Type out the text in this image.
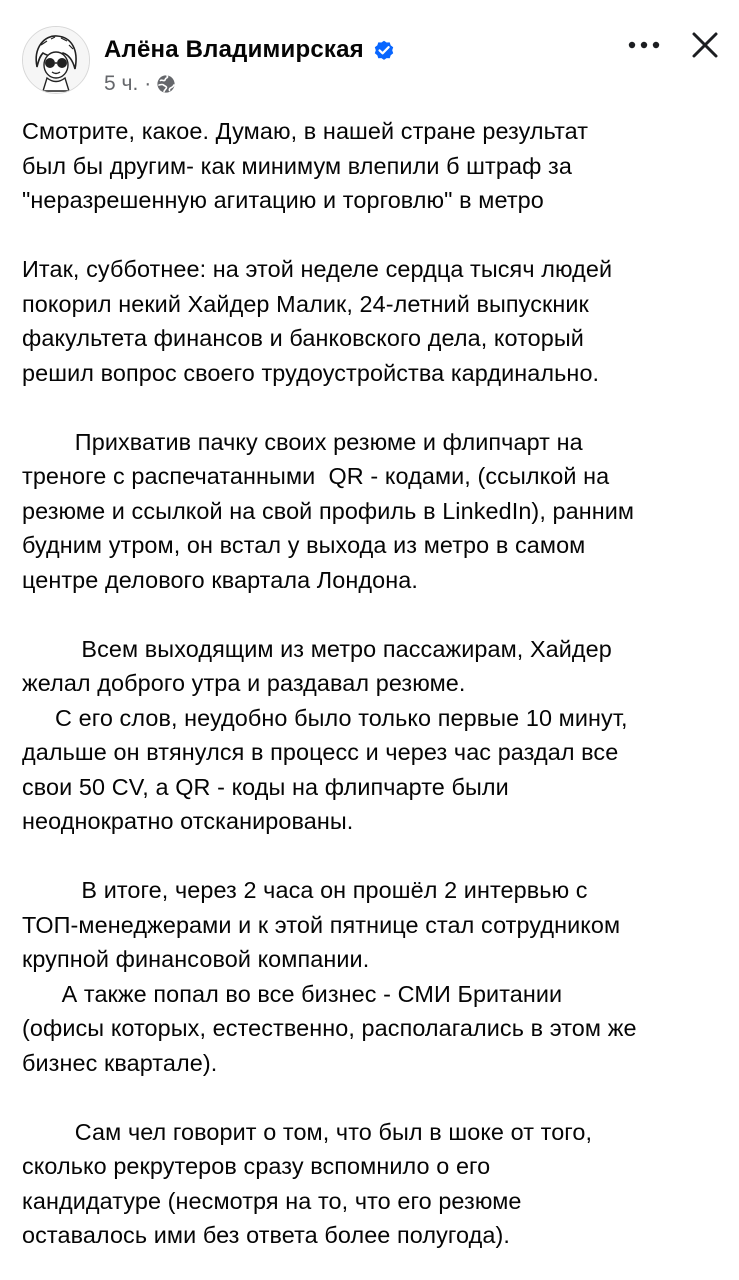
Алёна Владимирская
5 ч. ·

Смотрите, какое. Думаю, в нашей стране результат
был бы другим- как минимум влепили б штраф за
"неразрешенную агитацию и торговлю" в метро

Итак, субботнее: на этой неделе сердца тысяч людей
покорил некий Хайдер Малик, 24-летний выпускник
факультета финансов и банковского дела, который
решил вопрос своего трудоустройства кардинально.

Прихватив пачку своих резюме и флипчарт на
треноге с распечатанными  QR - кодами, (ссылкой на
резюме и ссылкой на свой профиль в LinkedIn), ранним
будним утром, он встал у выхода из метро в самом
центре делового квартала Лондона.

Всем выходящим из метро пассажирам, Хайдер
желал доброго утра и раздавал резюме.
С его слов, неудобно было только первые 10 минут,
дальше он втянулся в процесс и через час раздал все
свои 50 CV, а QR - коды на флипчарте были
неоднократно отсканированы.

В итоге, через 2 часа он прошёл 2 интервью с
ТОП-менеджерами и к этой пятнице стал сотрудником
крупной финансовой компании.
А также попал во все бизнес - СМИ Британии
(офисы которых, естественно, располагались в этом же
бизнес квартале).

Сам чел говорит о том, что был в шоке от того,
сколько рекрутеров сразу вспомнило о его
кандидатуре (несмотря на то, что его резюме
оставалось ими без ответа более полугода).
